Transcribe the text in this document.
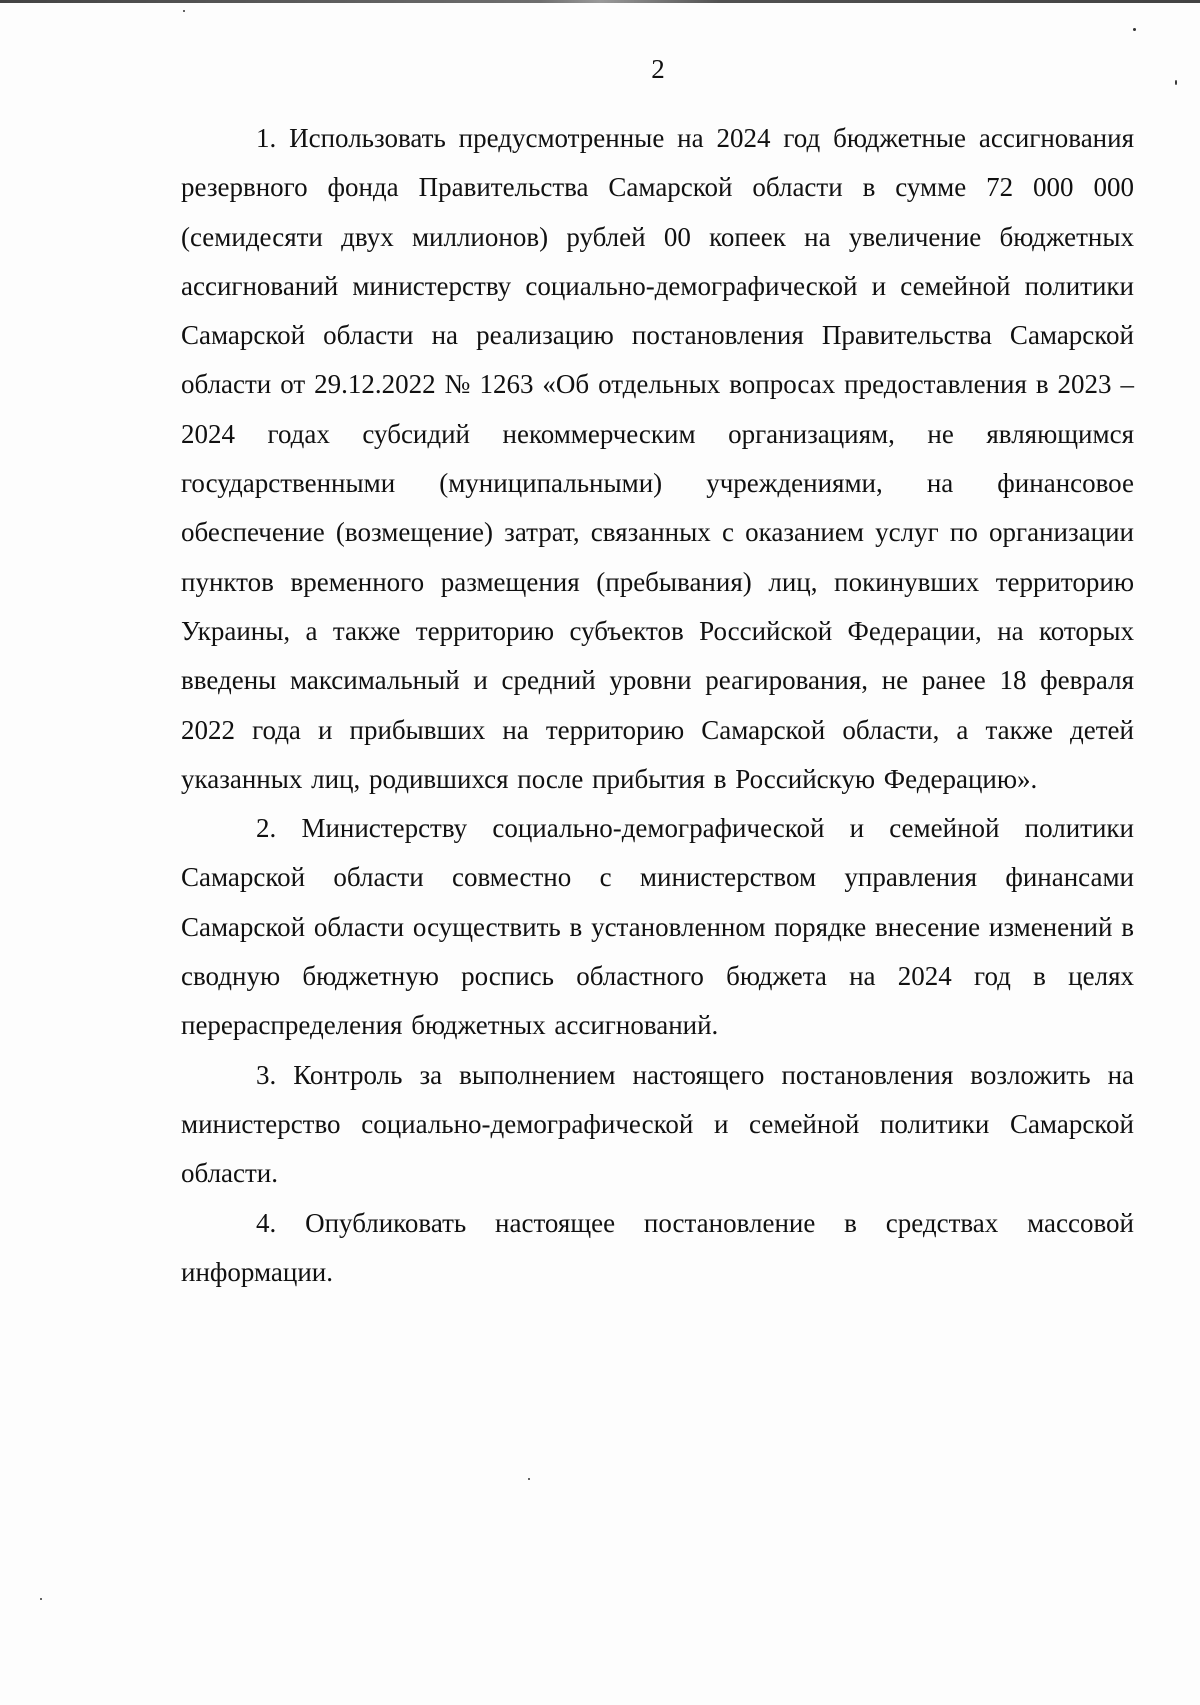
2

1. Использовать предусмотренные на 2024 год бюджетные ассигнования резервного фонда Правительства Самарской области в сумме 72 000 000 (семидесяти двух миллионов) рублей 00 копеек на увеличение бюджетных ассигнований министерству социально-демографической и семейной политики Самарской области на реализацию постановления Правительства Самарской области от 29.12.2022 № 1263 «Об отдельных вопросах предоставления в 2023 – 2024 годах субсидий некоммерческим организациям, не являющимся государственными (муниципальными) учреждениями, на финансовое обеспечение (возмещение) затрат, связанных с оказанием услуг по организации пунктов временного размещения (пребывания) лиц, покинувших территорию Украины, а также территорию субъектов Российской Федерации, на которых введены максимальный и средний уровни реагирования, не ранее 18 февраля 2022 года и прибывших на территорию Самарской области, а также детей указанных лиц, родившихся после прибытия в Российскую Федерацию».

2. Министерству социально-демографической и семейной политики Самарской области совместно с министерством управления финансами Самарской области осуществить в установленном порядке внесение изменений в сводную бюджетную роспись областного бюджета на 2024 год в целях перераспределения бюджетных ассигнований.

3. Контроль за выполнением настоящего постановления возложить на министерство социально-демографической и семейной политики Самарской области.

4. Опубликовать настоящее постановление в средствах массовой информации.
